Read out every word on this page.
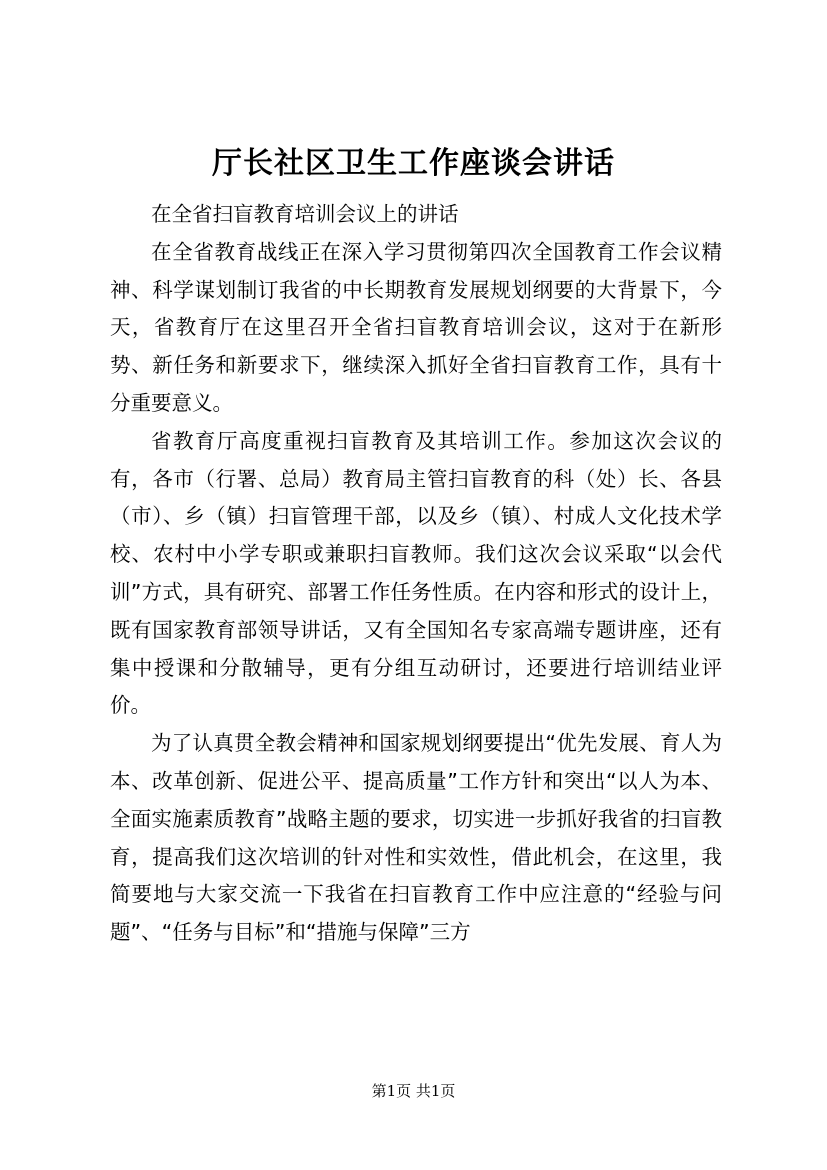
厅长社区卫生工作座谈会讲话

在全省扫盲教育培训会议上的讲话

在全省教育战线正在深入学习贯彻第四次全国教育工作会议精神、科学谋划制订我省的中长期教育发展规划纲要的大背景下，今天，省教育厅在这里召开全省扫盲教育培训会议，这对于在新形势、新任务和新要求下，继续深入抓好全省扫盲教育工作，具有十分重要意义。

省教育厅高度重视扫盲教育及其培训工作。参加这次会议的有，各市（行署、总局）教育局主管扫盲教育的科（处）长、各县（市）、乡（镇）扫盲管理干部，以及乡（镇）、村成人文化技术学校、农村中小学专职或兼职扫盲教师。我们这次会议采取“以会代训”方式，具有研究、部署工作任务性质。在内容和形式的设计上，既有国家教育部领导讲话，又有全国知名专家高端专题讲座，还有集中授课和分散辅导，更有分组互动研讨，还要进行培训结业评价。

为了认真贯全教会精神和国家规划纲要提出“优先发展、育人为本、改革创新、促进公平、提高质量”工作方针和突出“以人为本、全面实施素质教育”战略主题的要求，切实进一步抓好我省的扫盲教育，提高我们这次培训的针对性和实效性，借此机会，在这里，我简要地与大家交流一下我省在扫盲教育工作中应注意的“经验与问题”、“任务与目标”和“措施与保障”三方

第1页 共1页
